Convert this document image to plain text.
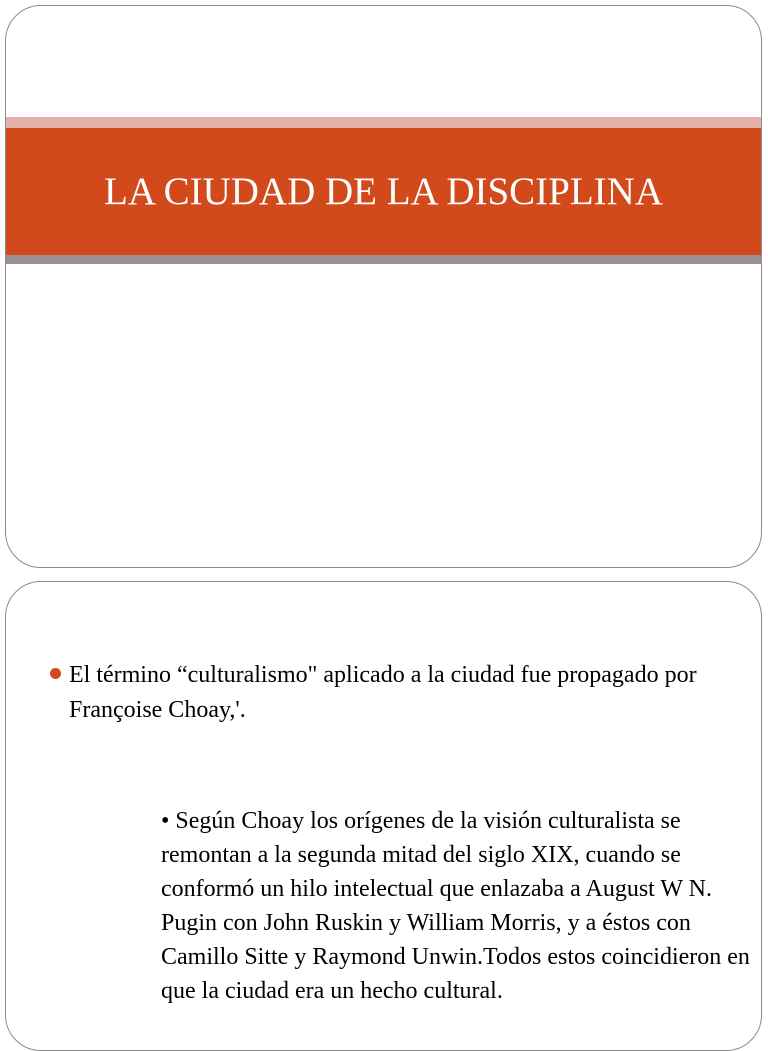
LA CIUDAD DE LA DISCIPLINA

El término “culturalismo" aplicado a la ciudad fue propagado por Françoise Choay,'.

• Según Choay los orígenes de la visión culturalista se remontan a la segunda mitad del siglo XIX, cuando se conformó un hilo intelectual que enlazaba a August W N. Pugin con John Ruskin y William Morris, y a éstos con Camillo Sitte y Raymond Unwin.Todos estos coincidieron en que la ciudad era un hecho cultural.
